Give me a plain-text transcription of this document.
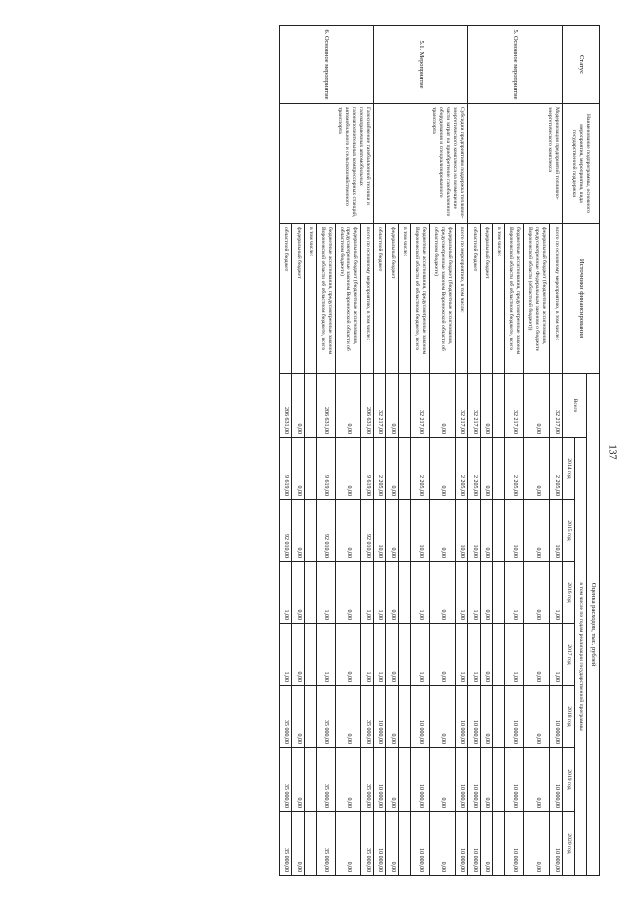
137
Статус	Наименование подпрограммы, основного мероприятия, мероприятия, вида государственной поддержки	Источники финансирования	Оценка расходов, тыс. рублей							
			Всего	в том числе по годам реализации государственной программы						
				2014 год	2015 год	2016 год	2017 год	2018 год	2019 год	2020 год
5. Основное мероприятие	Модернизация предприятий топливно-энергетического комплекса	всего по основному мероприятию, в том числе:	32 217,00	2 205,00	10,00	1,00	1,00	10 000,00	10 000,00	10 000,00
		федеральный бюджет (бюджетные ассигнования, предусмотренные Федеральным законом о бюджете Воронежской области (областной бюджет))	0,00	0,00	0,00	0,00	0,00	0,00	0,00	0,00
		бюджетные ассигнования, предусмотренные законом Воронежской области об областном бюджете, всего	32 217,00	2 205,00	10,00	1,00	1,00	10 000,00	10 000,00	10 000,00
		в том числе:								
		федеральный бюджет	0,00	0,00	0,00	0,00	0,00	0,00	0,00	0,00
		областной бюджет	32 217,00	2 205,00	10,00	1,00	1,00	10 000,00	10 000,00	10 000,00
5.1. Мероприятие	Субсидии предприятиям поддержка топливно-энергетического комплекса на возмещение части затрат на приобретение газобаллонного оборудования и специализированного транспорта	всего по мероприятию, в том числе:	32 217,00	2 205,00	10,00	1,00	1,00	10 000,00	10 000,00	10 000,00
		федеральный бюджет (бюджетные ассигнования, предусмотренные законом Воронежской области об областном бюджете)	0,00	0,00	0,00	0,00	0,00	0,00	0,00	0,00
		бюджетные ассигнования, предусмотренные законом Воронежской области об областном бюджете, всего	32 217,00	2 205,00	10,00	1,00	1,00	10 000,00	10 000,00	10 000,00
		в том числе:								
		федеральный бюджет	0,00	0,00	0,00	0,00	0,00	0,00	0,00	0,00
		областной бюджет	32 217,00	2 205,00	10,00	1,00	1,00	10 000,00	10 000,00	10 000,00
6. Основное мероприятие	Газоснабжение газобаллонной техники и газозаправочных автомобильных газонаполнительных компрессорных станций, автомобильного и сельскохозяйственного транспорта	всего по основному мероприятию, в том числе:	206 631,00	9 619,00	92 010,00	1,00	1,00	35 000,00	35 000,00	35 000,00
		федеральный бюджет (бюджетные ассигнования, предусмотренные законом Воронежской области об областном бюджете)	0,00	0,00	0,00	0,00	0,00	0,00	0,00	0,00
		бюджетные ассигнования, предусмотренные законом Воронежской области об областном бюджете, всего	206 631,00	9 619,00	92 010,00	1,00	1,00	35 000,00	35 000,00	35 000,00
		в том числе:								
		федеральный бюджет	0,00	0,00	0,00	0,00	0,00	0,00	0,00	0,00
		областной бюджет	206 631,00	9 619,00	92 010,00	1,00	1,00	35 000,00	35 000,00	35 000,00
